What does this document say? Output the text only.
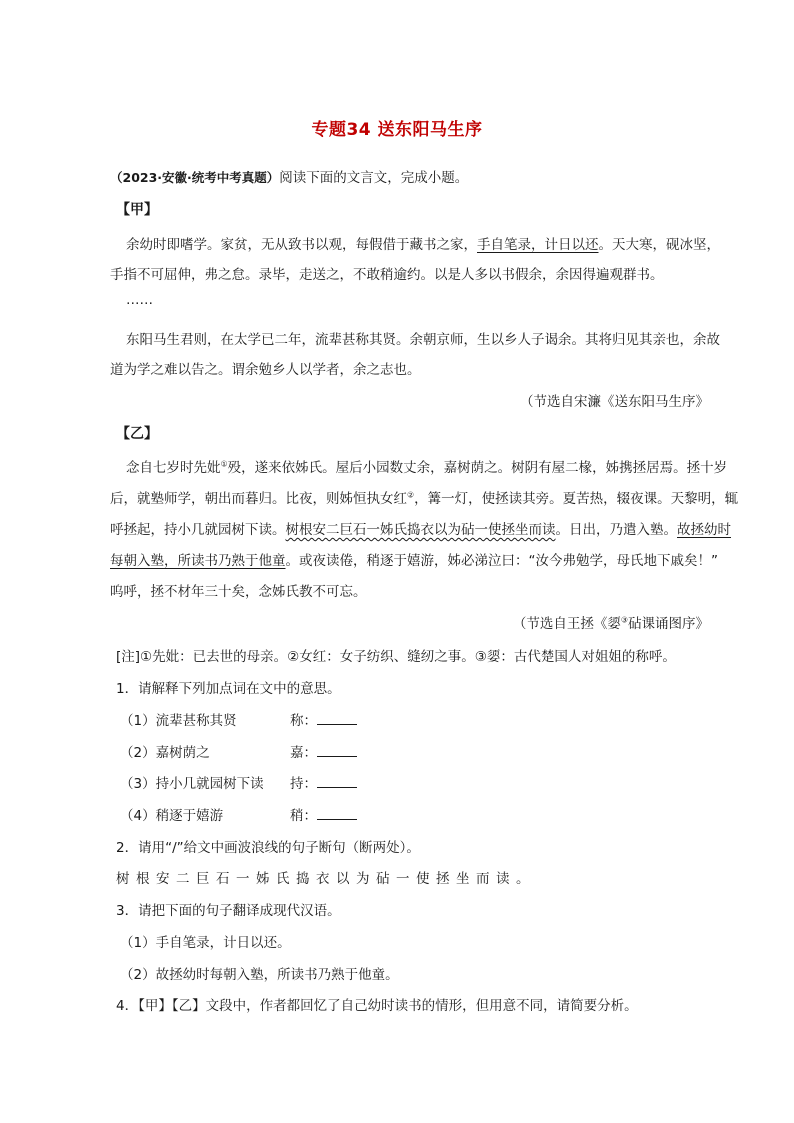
专题34 送东阳马生序
（2023·安徽·统考中考真题）阅读下面的文言文，完成小题。
【甲】
余幼时即嗜学。家贫，无从致书以观，每假借于藏书之家，手自笔录，计日以还。天大寒，砚冰坚，
手指不可屈伸，弗之怠。录毕，走送之，不敢稍逾约。以是人多以书假余，余因得遍观群书。
……
东阳马生君则，在太学已二年，流辈甚称其贤。余朝京师，生以乡人子谒余。其将归见其亲也，余故
道为学之难以告之。谓余勉乡人以学者，余之志也。
（节选自宋濂《送东阳马生序》
【乙】
念自七岁时先妣①殁，遂来依姊氏。屋后小园数丈余，嘉树荫之。树阴有屋二椽，姊携拯居焉。拯十岁
后，就塾师学，朝出而暮归。比夜，则姊恒执女红②，篝一灯，使拯读其旁。夏苦热，辍夜课。天黎明，辄
呼拯起，持小几就园树下读。树根安二巨石一姊氏捣衣以为砧一使拯坐而读。日出，乃遣入塾。故拯幼时
每朝入塾，所读书乃熟于他童。或夜读倦，稍逐于嬉游，姊必涕泣曰：“汝今弗勉学，母氏地下戚矣！”
呜呼，拯不材年三十矣，念姊氏教不可忘。
（节选自王拯《媭③砧课诵图序》
[注]①先妣：已去世的母亲。②女红：女子纺织、缝纫之事。③媭：古代楚国人对姐姐的称呼。
1．请解释下列加点词在文中的意思。
（1）流辈甚称其贤	称：
（2）嘉树荫之	嘉：
（3）持小几就园树下读 持：
（4）稍逐于嬉游	稍：
2．请用“/”给文中画波浪线的句子断句（断两处）。
树根安二巨石一姊氏捣衣以为砧一使拯坐而读。
3．请把下面的句子翻译成现代汉语。
（1）手自笔录，计日以还。
（2）故拯幼时每朝入塾，所读书乃熟于他童。
4．【甲】【乙】文段中，作者都回忆了自己幼时读书的情形，但用意不同，请简要分析。
